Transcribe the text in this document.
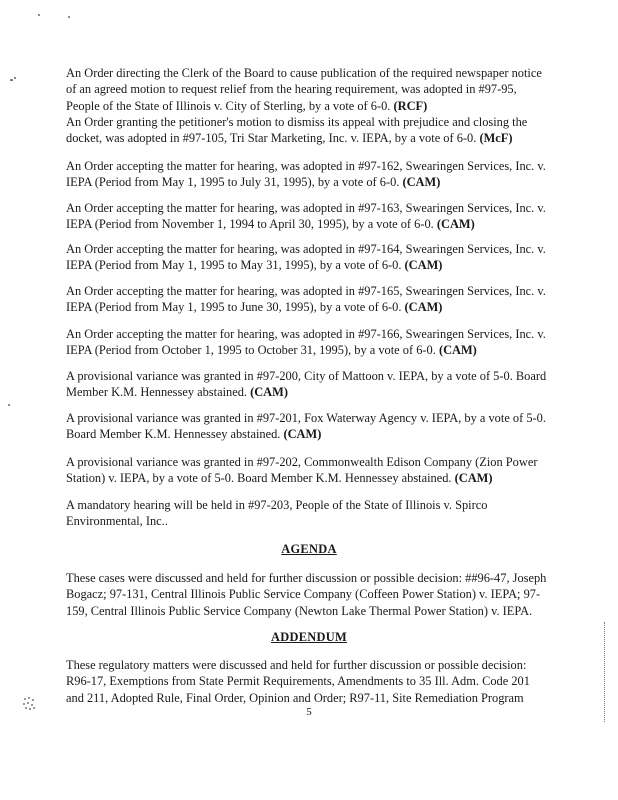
An Order directing the Clerk of the Board to cause publication of the required newspaper notice of an agreed motion to request relief from the hearing requirement, was adopted in #97-95, People of the State of Illinois v. City of Sterling, by a vote of 6-0. (RCF)

An Order granting the petitioner's motion to dismiss its appeal with prejudice and closing the docket, was adopted in #97-105, Tri Star Marketing, Inc. v. IEPA, by a vote of 6-0. (McF)

An Order accepting the matter for hearing, was adopted in #97-162, Swearingen Services, Inc. v. IEPA (Period from May 1, 1995 to July 31, 1995), by a vote of 6-0. (CAM)

An Order accepting the matter for hearing, was adopted in #97-163, Swearingen Services, Inc. v. IEPA (Period from November 1, 1994 to April 30, 1995), by a vote of 6-0. (CAM)

An Order accepting the matter for hearing, was adopted in #97-164, Swearingen Services, Inc. v. IEPA (Period from May 1, 1995 to May 31, 1995), by a vote of 6-0. (CAM)

An Order accepting the matter for hearing, was adopted in #97-165, Swearingen Services, Inc. v. IEPA (Period from May 1, 1995 to June 30, 1995), by a vote of 6-0. (CAM)

An Order accepting the matter for hearing, was adopted in #97-166, Swearingen Services, Inc. v. IEPA (Period from October 1, 1995 to October 31, 1995), by a vote of 6-0. (CAM)

A provisional variance was granted in #97-200, City of Mattoon v. IEPA, by a vote of 5-0. Board Member K.M. Hennessey abstained. (CAM)

A provisional variance was granted in #97-201, Fox Waterway Agency v. IEPA, by a vote of 5-0. Board Member K.M. Hennessey abstained. (CAM)

A provisional variance was granted in #97-202, Commonwealth Edison Company (Zion Power Station) v. IEPA, by a vote of 5-0. Board Member K.M. Hennessey abstained. (CAM)

A mandatory hearing will be held in #97-203, People of the State of Illinois v. Spirco Environmental, Inc..

AGENDA

These cases were discussed and held for further discussion or possible decision: ##96-47, Joseph Bogacz; 97-131, Central Illinois Public Service Company (Coffeen Power Station) v. IEPA; 97-159, Central Illinois Public Service Company (Newton Lake Thermal Power Station) v. IEPA.

ADDENDUM

These regulatory matters were discussed and held for further discussion or possible decision: R96-17, Exemptions from State Permit Requirements, Amendments to 35 Ill. Adm. Code 201 and 211, Adopted Rule, Final Order, Opinion and Order; R97-11, Site Remediation Program

5
